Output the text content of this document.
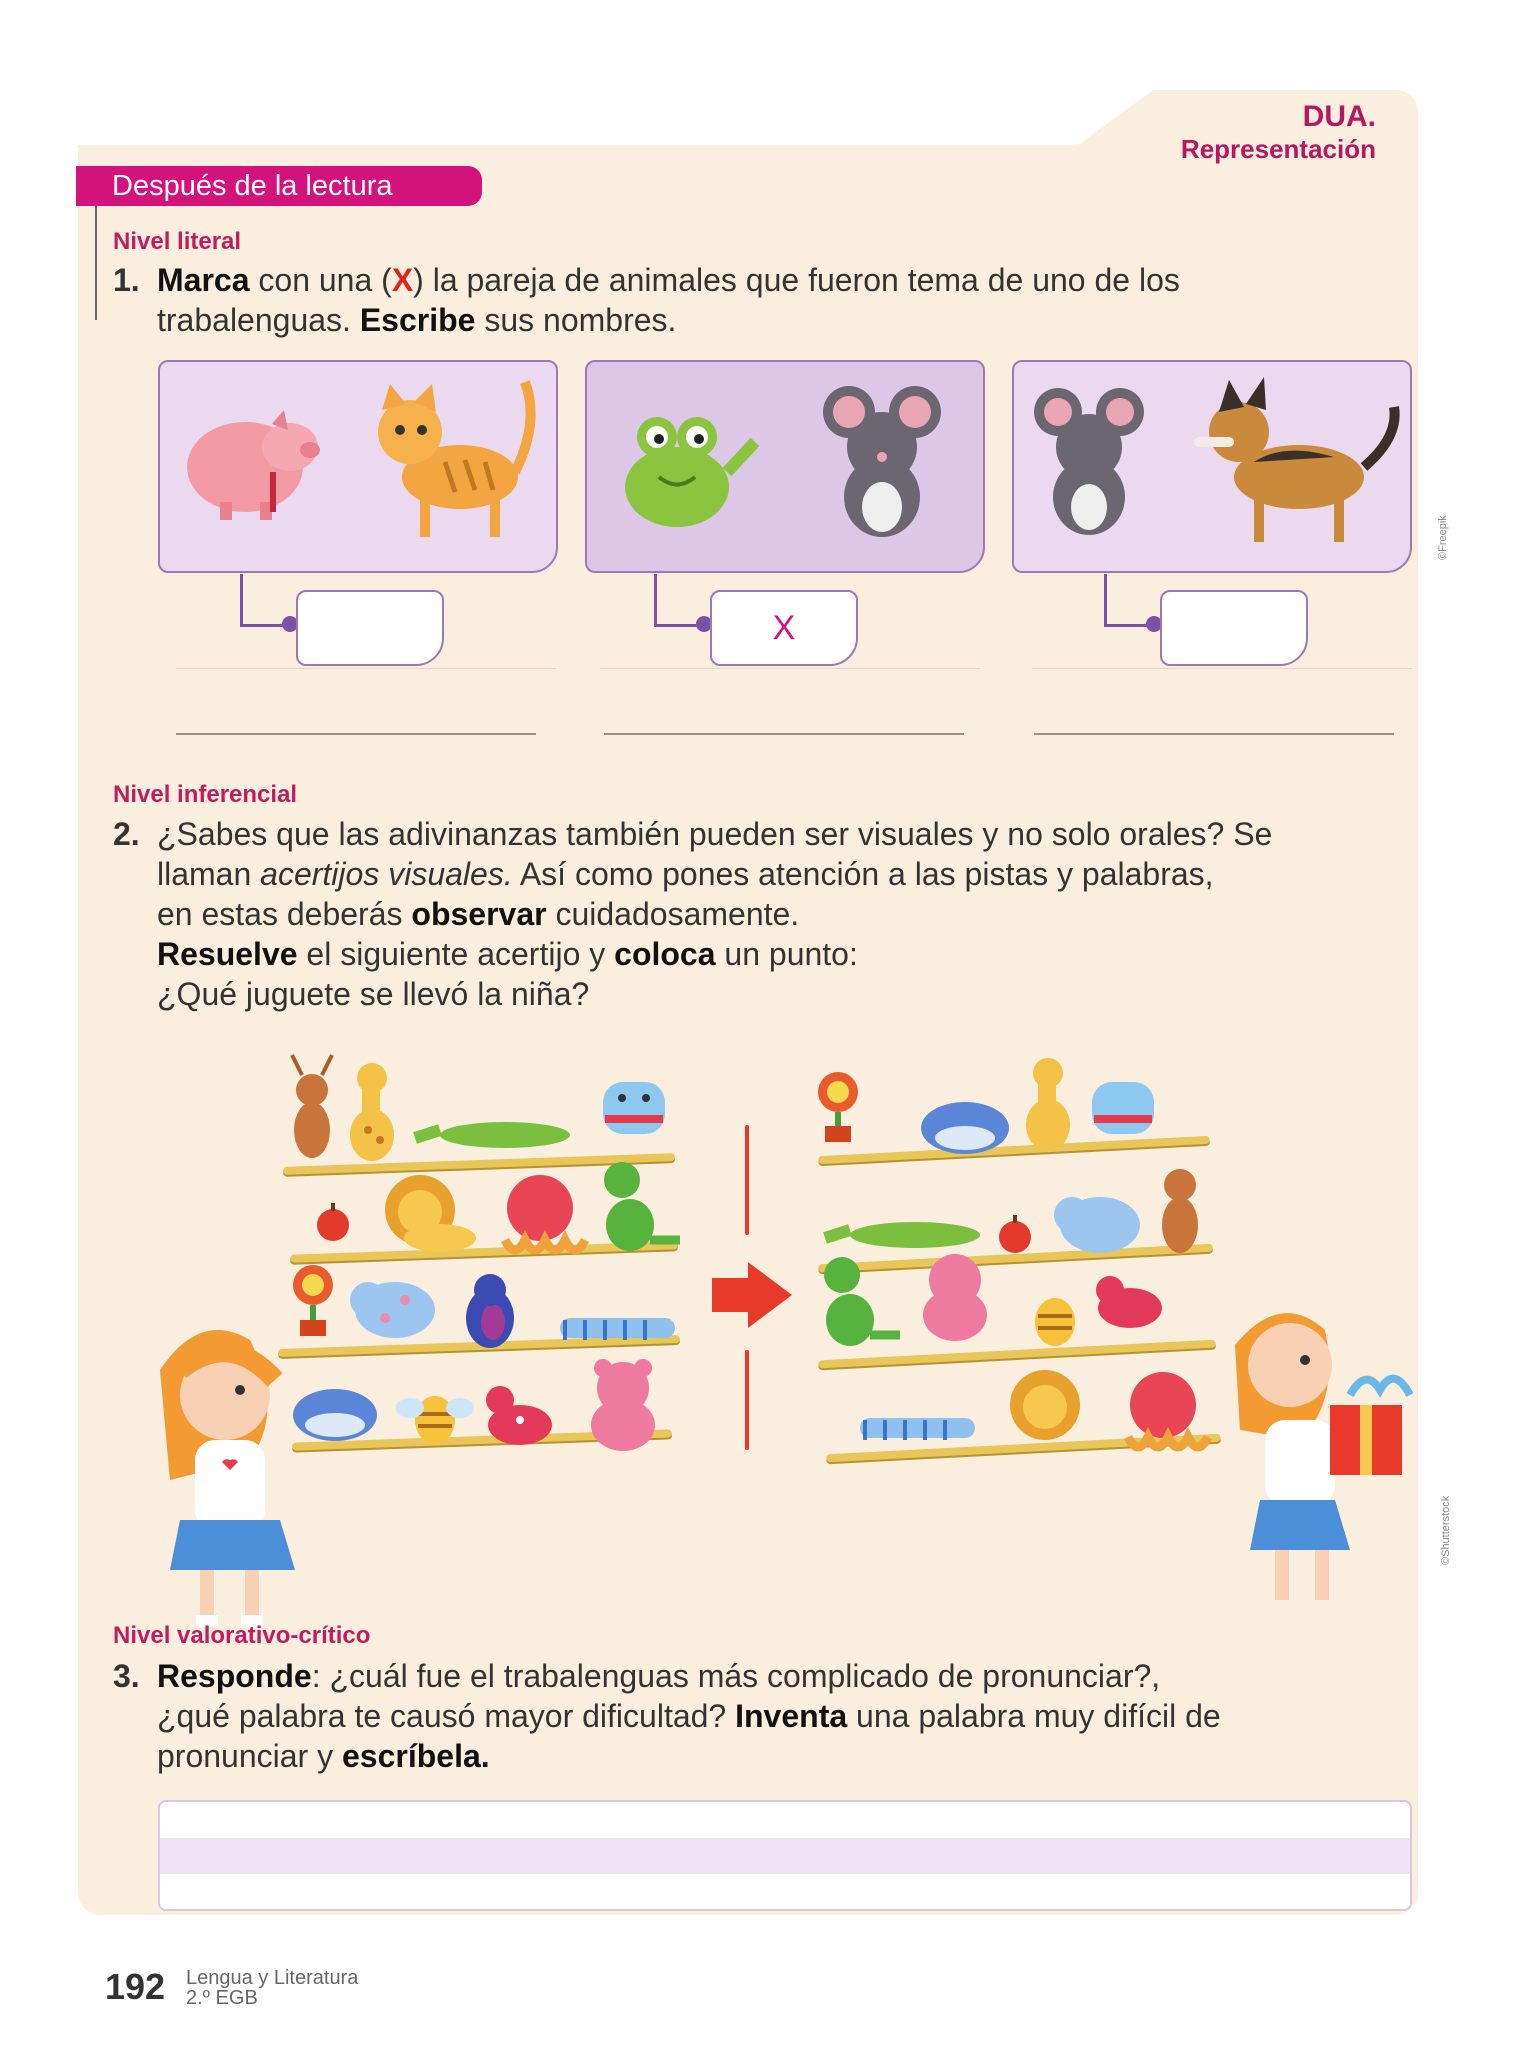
DUA.
Representación
Después de la lectura
Nivel literal
1. Marca con una (X) la pareja de animales que fueron tema de uno de los
trabalenguas. Escribe sus nombres.
X
©Freepik
Nivel inferencial
2. ¿Sabes que las adivinanzas también pueden ser visuales y no solo orales? Se
llaman acertijos visuales. Así como pones atención a las pistas y palabras,
en estas deberás observar cuidadosamente.
Resuelve el siguiente acertijo y coloca un punto:
¿Qué juguete se llevó la niña?
©Shutterstock
Nivel valorativo-crítico
3. Responde: ¿cuál fue el trabalenguas más complicado de pronunciar?,
¿qué palabra te causó mayor dificultad? Inventa una palabra muy difícil de
pronunciar y escríbela.
192 Lengua y Literatura
2.º EGB
